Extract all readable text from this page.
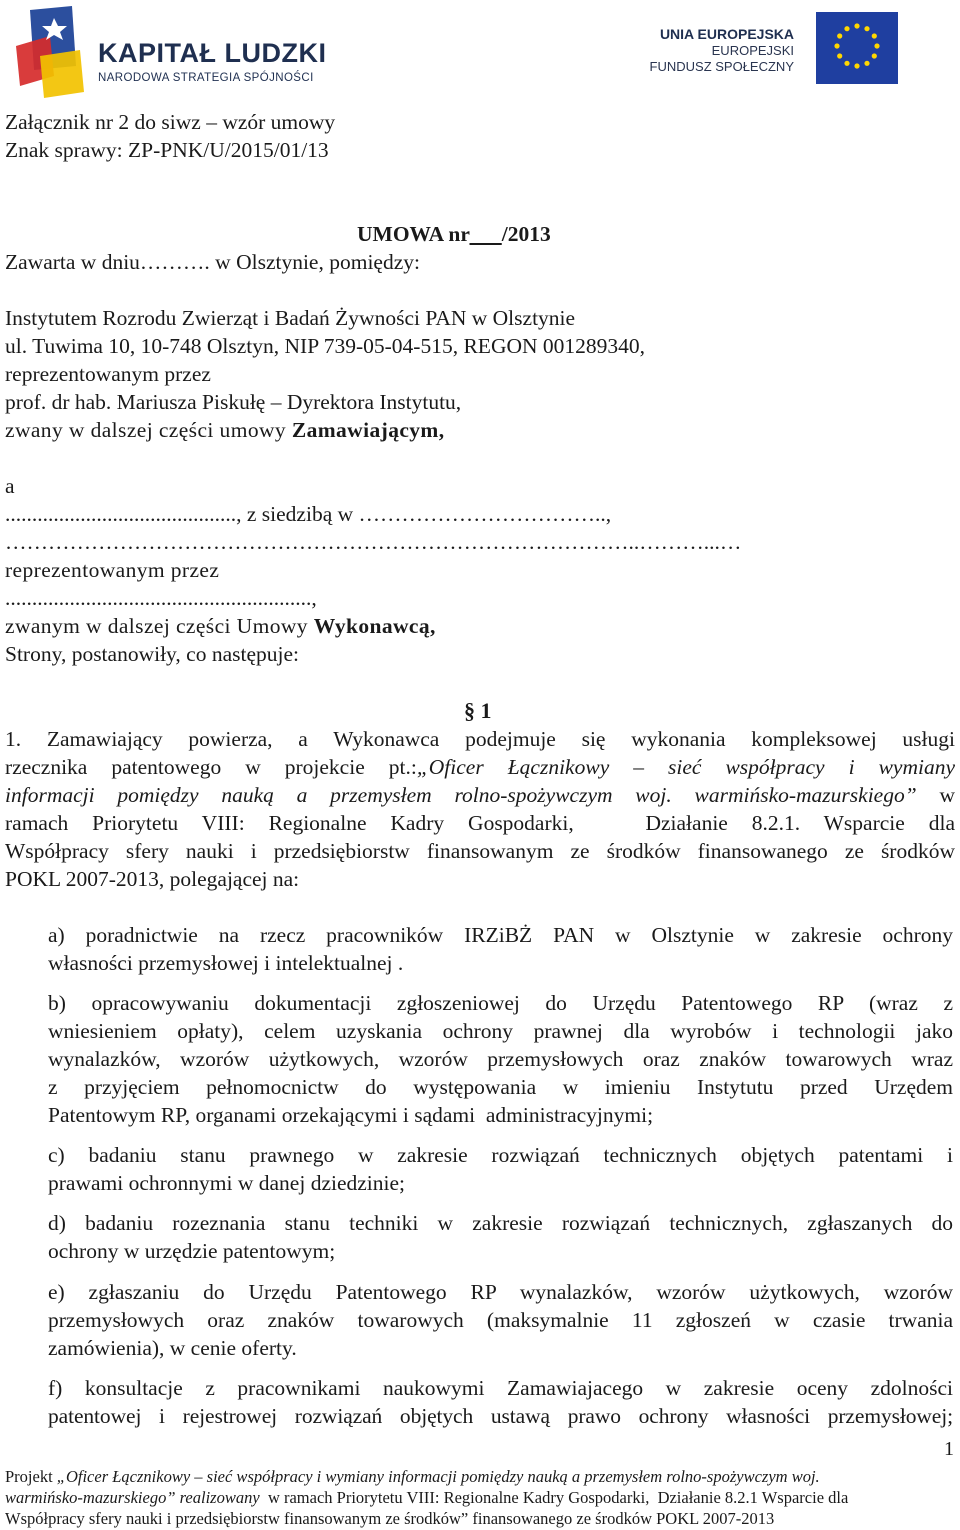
KAPITAŁ LUDZKI
NARODOWA STRATEGIA SPÓJNOŚCI
UNIA EUROPEJSKA
EUROPEJSKI
FUNDUSZ SPOŁECZNY
Załącznik nr 2 do siwz – wzór umowy
Znak sprawy: ZP-PNK/U/2015/01/13
UMOWA nr /2013
Zawarta w dniu………. w Olsztynie, pomiędzy:
Instytutem Rozrodu Zwierząt i Badań Żywności PAN w Olsztynie
ul. Tuwima 10, 10-748 Olsztyn, NIP 739-05-04-515, REGON 001289340,
reprezentowanym przez
prof. dr hab. Mariusza Piskułę – Dyrektora Instytutu,
zwany w dalszej części umowy Zamawiającym,
a
..........................................., z siedzibą w ……………………………..,
……………………………………………………………………………..………...…
reprezentowanym przez
.........................................................,
zwanym w dalszej części Umowy Wykonawcą,
Strony, postanowiły, co następuje:
§ 1
1. Zamawiający powierza, a Wykonawca podejmuje się wykonania kompleksowej usługi
rzecznika patentowego w projekcie pt.:„Oficer Łącznikowy – sieć współpracy i wymiany
informacji pomiędzy nauką a przemysłem rolno-spożywczym woj. warmińsko-mazurskiego” w
ramach Priorytetu VIII: Regionalne Kadry Gospodarki,   Działanie 8.2.1. Wsparcie dla
Współpracy sfery nauki i przedsiębiorstw finansowanym ze środków finansowanego ze środków
POKL 2007-2013, polegającej na:
a) poradnictwie na rzecz pracowników IRZiBŻ PAN w Olsztynie w zakresie ochrony
własności przemysłowej i intelektualnej .
b) opracowywaniu dokumentacji zgłoszeniowej do Urzędu Patentowego RP (wraz z
wniesieniem opłaty), celem uzyskania ochrony prawnej dla wyrobów i technologii jako
wynalazków, wzorów użytkowych, wzorów przemysłowych oraz znaków towarowych wraz
z przyjęciem pełnomocnictw do występowania w imieniu Instytutu przed Urzędem
Patentowym RP, organami orzekającymi i sądami  administracyjnymi;
c) badaniu stanu prawnego w zakresie rozwiązań technicznych objętych patentami i
prawami ochronnymi w danej dziedzinie;
d) badaniu rozeznania stanu techniki w zakresie rozwiązań technicznych, zgłaszanych do
ochrony w urzędzie patentowym;
e) zgłaszaniu do Urzędu Patentowego RP wynalazków, wzorów użytkowych, wzorów
przemysłowych oraz znaków towarowych (maksymalnie 11 zgłoszeń w czasie trwania
zamówienia), w cenie oferty.
f) konsultacje z pracownikami naukowymi Zamawiajacego w zakresie oceny zdolności
patentowej i rejestrowej rozwiązań objętych ustawą prawo ochrony własności przemysłowej;
1
Projekt „Oficer Łącznikowy – sieć współpracy i wymiany informacji pomiędzy nauką a przemysłem rolno-spożywczym woj.
warmińsko-mazurskiego” realizowany  w ramach Priorytetu VIII: Regionalne Kadry Gospodarki,  Działanie 8.2.1 Wsparcie dla
Współpracy sfery nauki i przedsiębiorstw finansowanym ze środków” finansowanego ze środków POKL 2007-2013
